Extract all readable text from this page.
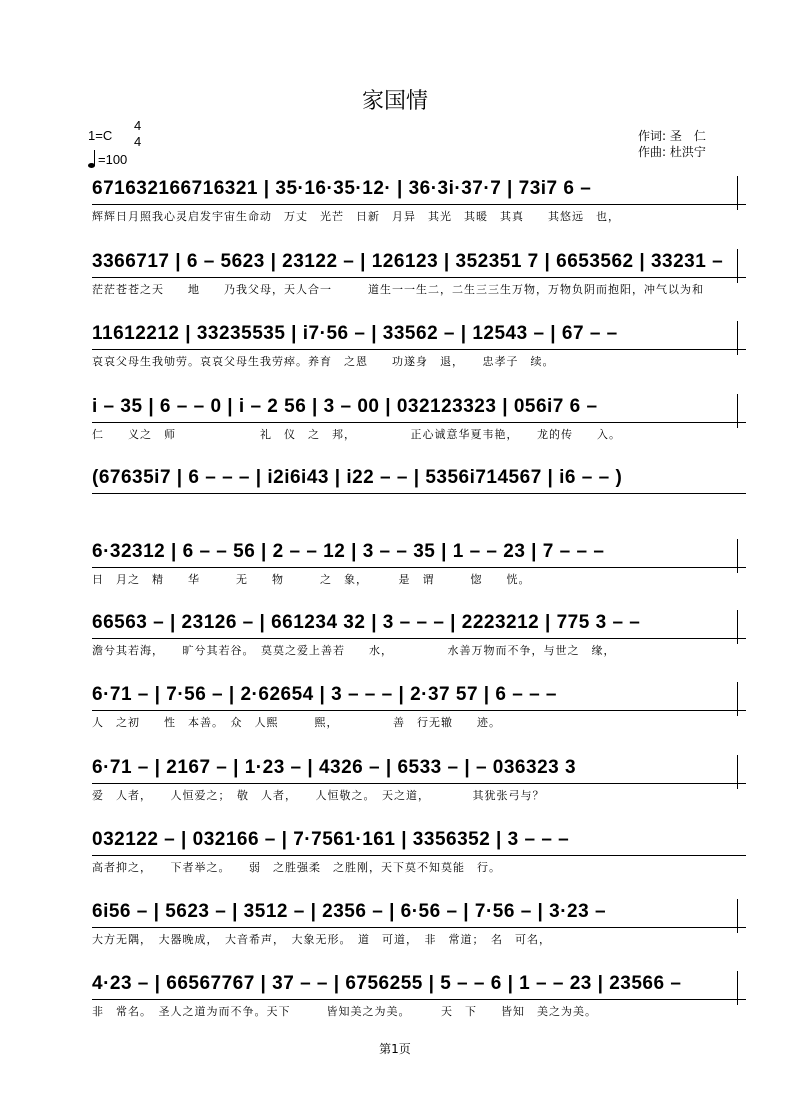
家国情
1=C
4
4
=100
作词: 圣　仁
作曲: 杜洪宁
671632166716321 | 35·16·35·12· | 36·3i·37·7 | 73i7 6 –
辉辉日月照我心灵启发宇宙生命动　万丈　光芒　日新　月异　其光　其暖　其真　　其悠远　也，
3366717 | 6 – 5623 | 23122 – | 126123 | 352351 7 | 6653562 | 33231 –
茫茫苍苍之天　　地　　乃我父母，天人合一　　　道生一一生二，二生三三生万物，万物负阴而抱阳，冲气以为和
11612212 | 33235535 | i7·56 – | 33562 – | 12543 – | 67 – –
哀哀父母生我劬劳。哀哀父母生我劳瘁。养育　之恩　　功遂身　退，　　忠孝子　续。
i – 35 | 6 – – 0 | i – 2 56 | 3 – 00 | 032123323 | 056i7 6 –
仁　　义之　师　　　　　　　礼　仪　之　邦，　　　　　正心诚意华夏韦艳，　　龙的传　　入。
(67635i7 | 6 – – – | i2i6i43 | i22 – – | 5356i714567 | i6 – – )
6·32312 | 6 – – 56 | 2 – – 12 | 3 – – 35 | 1 – – 23 | 7 – – –
日　月之　精　　华　　　无　　物　　　之　象，　　　是　谓　　　惚　　恍。
66563 – | 23126 – | 661234 32 | 3 – – – | 2223212 | 775 3 – –
澹兮其若海，　　旷兮其若谷。　莫莫之爱上善若　　水，　　　　　水善万物而不争，与世之　缘，
6·71 – | 7·56 – | 2·62654 | 3 – – – | 2·37 57 | 6 – – –
人　之初　　性　本善。　众　人熙　　　熙，　　　　　善　行无辙　　迹。
6·71 – | 2167 – | 1·23 – | 4326 – | 6533 – | – 036323 3
爱　人者，　　人恒爱之；　敬　人者，　　人恒敬之。　天之道，　　　　其犹张弓与？
032122 – | 032166 – | 7·7561·161 | 3356352 | 3 – – –
高者抑之，　　下者举之。　　弱　之胜强柔　之胜刚，天下莫不知莫能　行。
6i56 – | 5623 – | 3512 – | 2356 – | 6·56 – | 7·56 – | 3·23 –
大方无隅，　大器晚成，　大音希声，　大象无形。　道　可道，　非　常道；　名　可名，
4·23 – | 66567767 | 37 – – | 6756255 | 5 – – 6 | 1 – – 23 | 23566 –
非　常名。　圣人之道为而不争。天下　　　皆知美之为美。　　　天　下　　皆知　美之为美。
第1页
